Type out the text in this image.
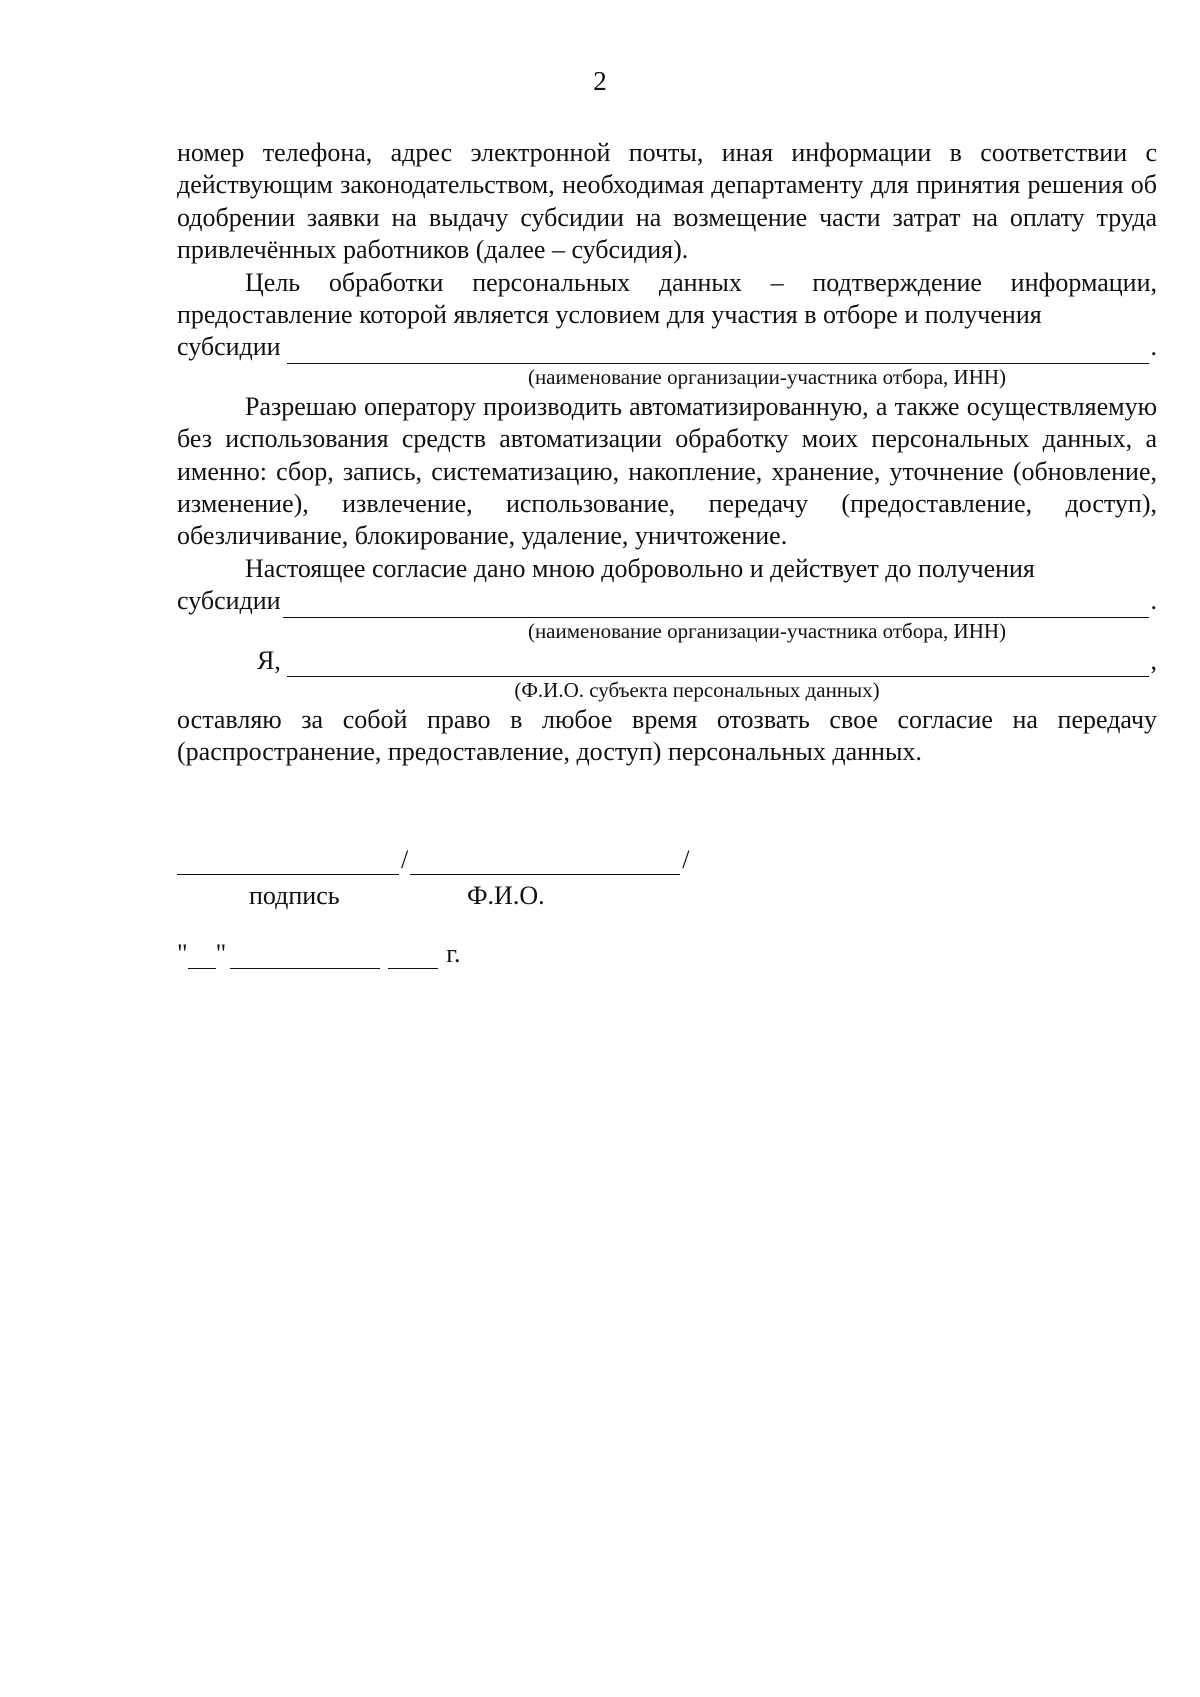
2

номер телефона, адрес электронной почты, иная информации в соответствии с действующим законодательством, необходимая департаменту для принятия решения об одобрении заявки на выдачу субсидии на возмещение части затрат на оплату труда привлечённых работников (далее – субсидия).

Цель обработки персональных данных – подтверждение информации, предоставление которой является условием для участия в отборе и получения

субсидии	.
(наименование организации-участника отбора, ИНН)

Разрешаю оператору производить автоматизированную, а также осуществляемую без использования средств автоматизации обработку моих персональных данных, а именно: сбор, запись, систематизацию, накопление, хранение, уточнение (обновление, изменение), извлечение, использование, передачу (предоставление, доступ), обезличивание, блокирование, удаление, уничтожение.

Настоящее согласие дано мною добровольно и действует до получения

субсидии	.
(наименование организации-участника отбора, ИНН)
Я,	,
(Ф.И.О. субъекта персональных данных)

оставляю за собой право в любое время отозвать свое согласие на передачу (распространение, предоставление, доступ) персональных данных.

/	/
подпись	Ф.И.О.
" "	г.
